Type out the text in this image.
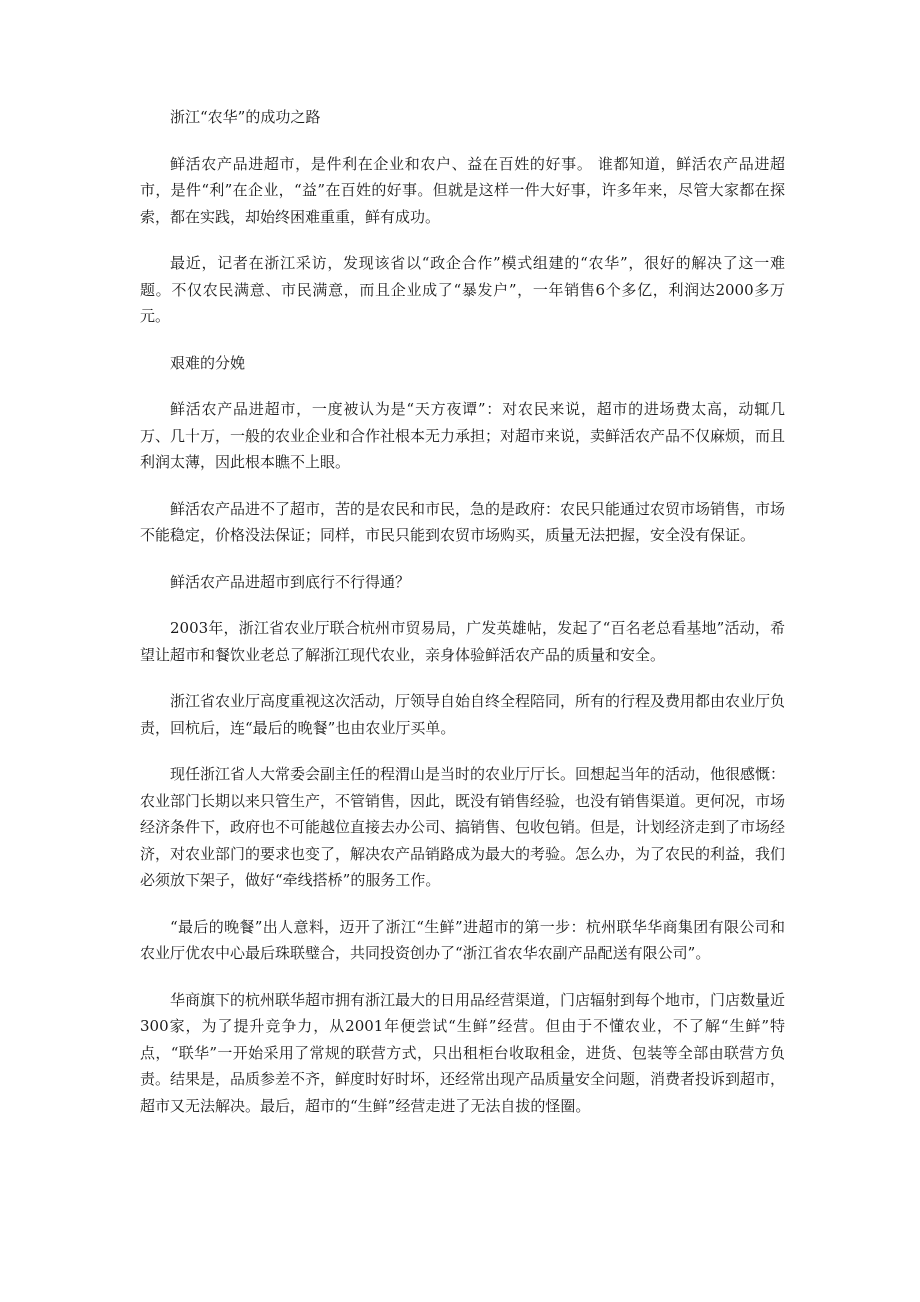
浙江“农华”的成功之路

鲜活农产品进超市，是件利在企业和农户、益在百姓的好事。 谁都知道，鲜活农产品进超市，是件“利”在企业，“益”在百姓的好事。但就是这样一件大好事，许多年来，尽管大家都在探索，都在实践，却始终困难重重，鲜有成功。

最近，记者在浙江采访，发现该省以“政企合作”模式组建的“农华”，很好的解决了这一难题。不仅农民满意、市民满意，而且企业成了“暴发户”，一年销售6个多亿，利润达2000多万元。

艰难的分娩

鲜活农产品进超市，一度被认为是“天方夜谭”：对农民来说，超市的进场费太高，动辄几万、几十万，一般的农业企业和合作社根本无力承担；对超市来说，卖鲜活农产品不仅麻烦，而且利润太薄，因此根本瞧不上眼。

鲜活农产品进不了超市，苦的是农民和市民，急的是政府：农民只能通过农贸市场销售，市场不能稳定，价格没法保证；同样，市民只能到农贸市场购买，质量无法把握，安全没有保证。

鲜活农产品进超市到底行不行得通？

2003年，浙江省农业厅联合杭州市贸易局，广发英雄帖，发起了“百名老总看基地”活动，希望让超市和餐饮业老总了解浙江现代农业，亲身体验鲜活农产品的质量和安全。

浙江省农业厅高度重视这次活动，厅领导自始自终全程陪同，所有的行程及费用都由农业厅负责，回杭后，连“最后的晚餐”也由农业厅买单。

现任浙江省人大常委会副主任的程渭山是当时的农业厅厅长。回想起当年的活动，他很感慨：农业部门长期以来只管生产，不管销售，因此，既没有销售经验，也没有销售渠道。更何况，市场经济条件下，政府也不可能越位直接去办公司、搞销售、包收包销。但是，计划经济走到了市场经济，对农业部门的要求也变了，解决农产品销路成为最大的考验。怎么办，为了农民的利益，我们必须放下架子，做好“牵线搭桥”的服务工作。

“最后的晚餐”出人意料，迈开了浙江“生鲜”进超市的第一步：杭州联华华商集团有限公司和农业厅优农中心最后珠联璧合，共同投资创办了“浙江省农华农副产品配送有限公司”。

华商旗下的杭州联华超市拥有浙江最大的日用品经营渠道，门店辐射到每个地市，门店数量近300家，为了提升竞争力，从2001年便尝试“生鲜”经营。但由于不懂农业，不了解“生鲜”特点，“联华”一开始采用了常规的联营方式，只出租柜台收取租金，进货、包装等全部由联营方负责。结果是，品质参差不齐，鲜度时好时坏，还经常出现产品质量安全问题，消费者投诉到超市，超市又无法解决。最后，超市的“生鲜”经营走进了无法自拔的怪圈。
